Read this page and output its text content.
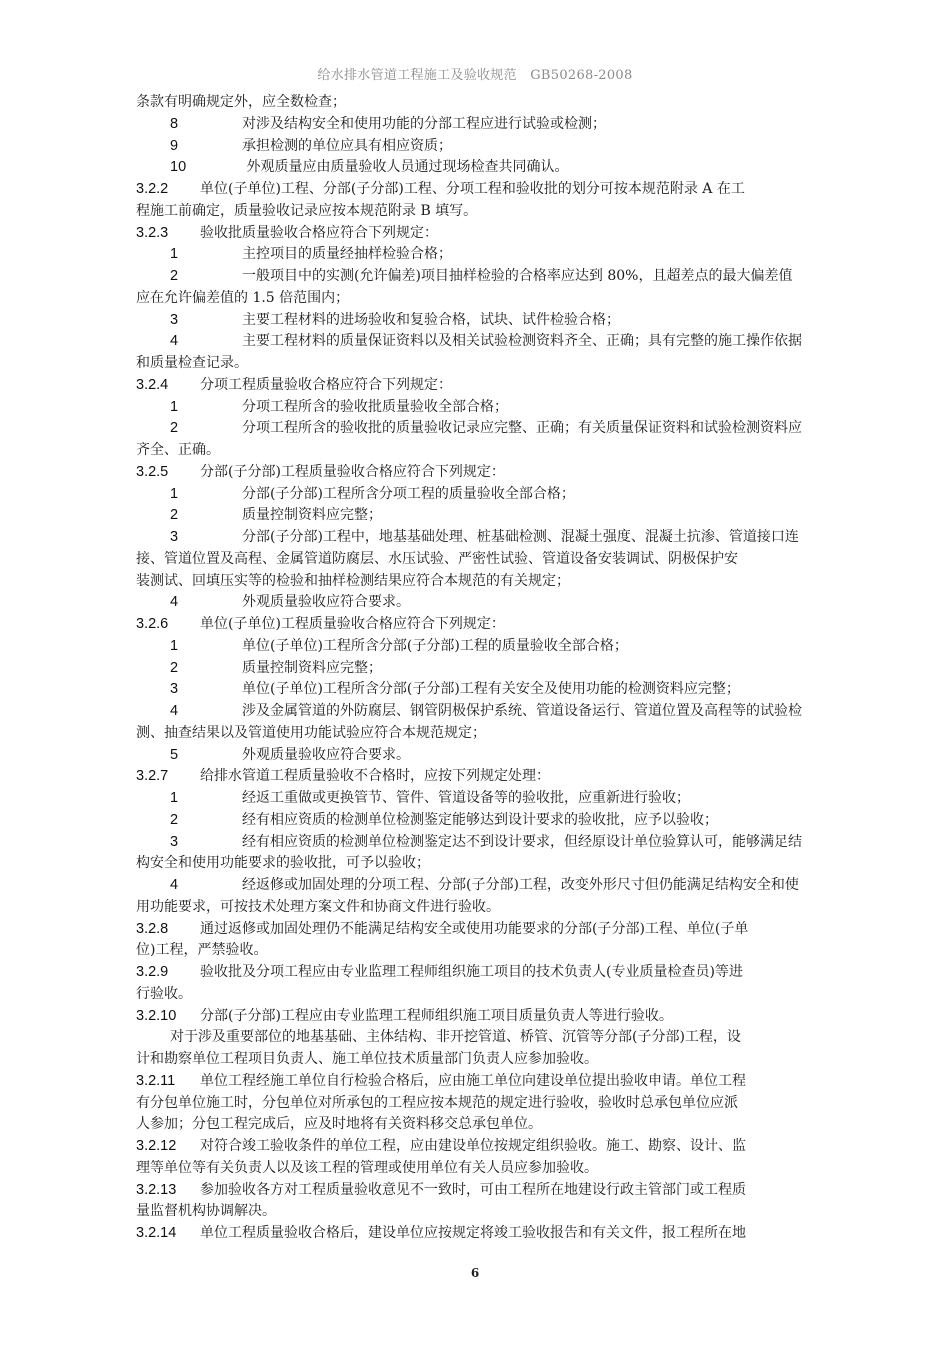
给水排水管道工程施工及验收规范　GB50268-2008
条款有明确规定外，应全数检查；
8	对涉及结构安全和使用功能的分部工程应进行试验或检测；
9	承担检测的单位应具有相应资质；
10	外观质量应由质量验收人员通过现场检查共同确认。
3.2.2 单位(子单位)工程、分部(子分部)工程、分项工程和验收批的划分可按本规范附录 A 在工
程施工前确定，质量验收记录应按本规范附录 B 填写。
3.2.3 验收批质量验收合格应符合下列规定：
1	主控项目的质量经抽样检验合格；
2	一般项目中的实测(允许偏差)项目抽样检验的合格率应达到 80%，且超差点的最大偏差值
应在允许偏差值的 1.5 倍范围内；
3	主要工程材料的进场验收和复验合格，试块、试件检验合格；
4	主要工程材料的质量保证资料以及相关试验检测资料齐全、正确；具有完整的施工操作依据
和质量检查记录。
3.2.4 分项工程质量验收合格应符合下列规定：
1	分项工程所含的验收批质量验收全部合格；
2	分项工程所含的验收批的质量验收记录应完整、正确；有关质量保证资料和试验检测资料应
齐全、正确。
3.2.5 分部(子分部)工程质量验收合格应符合下列规定：
1	分部(子分部)工程所含分项工程的质量验收全部合格；
2	质量控制资料应完整；
3	分部(子分部)工程中，地基基础处理、桩基础检测、混凝土强度、混凝土抗渗、管道接口连
接、管道位置及高程、金属管道防腐层、水压试验、严密性试验、管道设备安装调试、阴极保护安
装测试、回填压实等的检验和抽样检测结果应符合本规范的有关规定；
4	外观质量验收应符合要求。
3.2.6 单位(子单位)工程质量验收合格应符合下列规定：
1	单位(子单位)工程所含分部(子分部)工程的质量验收全部合格；
2	质量控制资料应完整；
3	单位(子单位)工程所含分部(子分部)工程有关安全及使用功能的检测资料应完整；
4	涉及金属管道的外防腐层、钢管阴极保护系统、管道设备运行、管道位置及高程等的试验检
测、抽查结果以及管道使用功能试验应符合本规范规定；
5	外观质量验收应符合要求。
3.2.7 给排水管道工程质量验收不合格时，应按下列规定处理：
1	经返工重做或更换管节、管件、管道设备等的验收批，应重新进行验收；
2	经有相应资质的检测单位检测鉴定能够达到设计要求的验收批，应予以验收；
3	经有相应资质的检测单位检测鉴定达不到设计要求，但经原设计单位验算认可，能够满足结
构安全和使用功能要求的验收批，可予以验收；
4	经返修或加固处理的分项工程、分部(子分部)工程，改变外形尺寸但仍能满足结构安全和使
用功能要求，可按技术处理方案文件和协商文件进行验收。
3.2.8 通过返修或加固处理仍不能满足结构安全或使用功能要求的分部(子分部)工程、单位(子单
位)工程，严禁验收。
3.2.9 验收批及分项工程应由专业监理工程师组织施工项目的技术负责人(专业质量检查员)等进
行验收。
3.2.10 分部(子分部)工程应由专业监理工程师组织施工项目质量负责人等进行验收。
对于涉及重要部位的地基基础、主体结构、非开挖管道、桥管、沉管等分部(子分部)工程，设
计和勘察单位工程项目负责人、施工单位技术质量部门负责人应参加验收。
3.2.11 单位工程经施工单位自行检验合格后，应由施工单位向建设单位提出验收申请。单位工程
有分包单位施工时，分包单位对所承包的工程应按本规范的规定进行验收，验收时总承包单位应派
人参加；分包工程完成后，应及时地将有关资料移交总承包单位。
3.2.12 对符合竣工验收条件的单位工程，应由建设单位按规定组织验收。施工、勘察、设计、监
理等单位等有关负责人以及该工程的管理或使用单位有关人员应参加验收。
3.2.13 参加验收各方对工程质量验收意见不一致时，可由工程所在地建设行政主管部门或工程质
量监督机构协调解决。
3.2.14 单位工程质量验收合格后，建设单位应按规定将竣工验收报告和有关文件，报工程所在地
6
